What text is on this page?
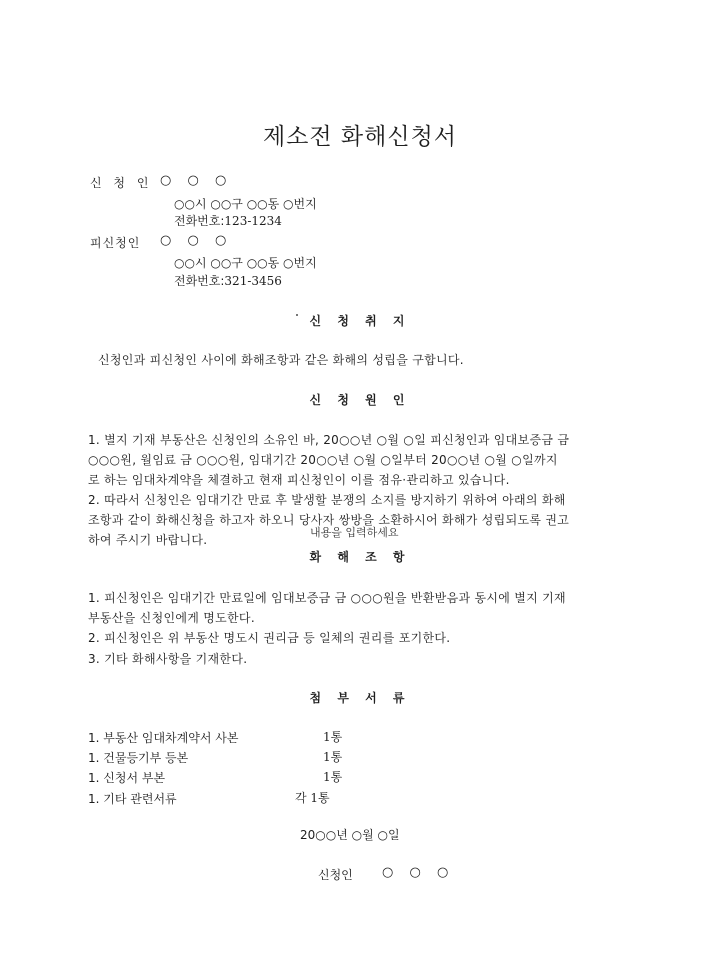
제소전 화해신청서
신 청 인 ○ ○ ○
○○시 ○○구 ○○동 ○번지
전화번호:123-1234
피신청인 ○ ○ ○
○○시 ○○구 ○○동 ○번지
전화번호:321-3456
신 청 취 지
신청인과 피신청인 사이에 화해조항과 같은 화해의 성립을 구합니다.
신 청 원 인
1. 별지 기재 부동산은 신청인의 소유인 바, 20○○년 ○월 ○일 피신청인과 임대보증금 금
○○○원, 월임료 금 ○○○원, 임대기간 20○○년 ○월 ○일부터 20○○년 ○월 ○일까지
로 하는 임대차계약을 체결하고 현재 피신청인이 이를 점유·관리하고 있습니다.
2. 따라서 신청인은 임대기간 만료 후 발생할 분쟁의 소지를 방지하기 위하여 아래의 화해
조항과 같이 화해신청을 하고자 하오니 당사자 쌍방을 소환하시어 화해가 성립되도록 권고
하여 주시기 바랍니다.
내용을 입력하세요
화 해 조 항
1. 피신청인은 임대기간 만료일에 임대보증금 금 ○○○원을 반환받음과 동시에 별지 기재
부동산을 신청인에게 명도한다.
2. 피신청인은 위 부동산 명도시 권리금 등 일체의 권리를 포기한다.
3. 기타 화해사항을 기재한다.
첨 부 서 류
1. 부동산 임대차계약서 사본	1통
1. 건물등기부 등본	1통
1. 신청서 부본	1통
1. 기타 관련서류	각 1통
20○○년 ○월 ○일
신청인 ○ ○ ○
